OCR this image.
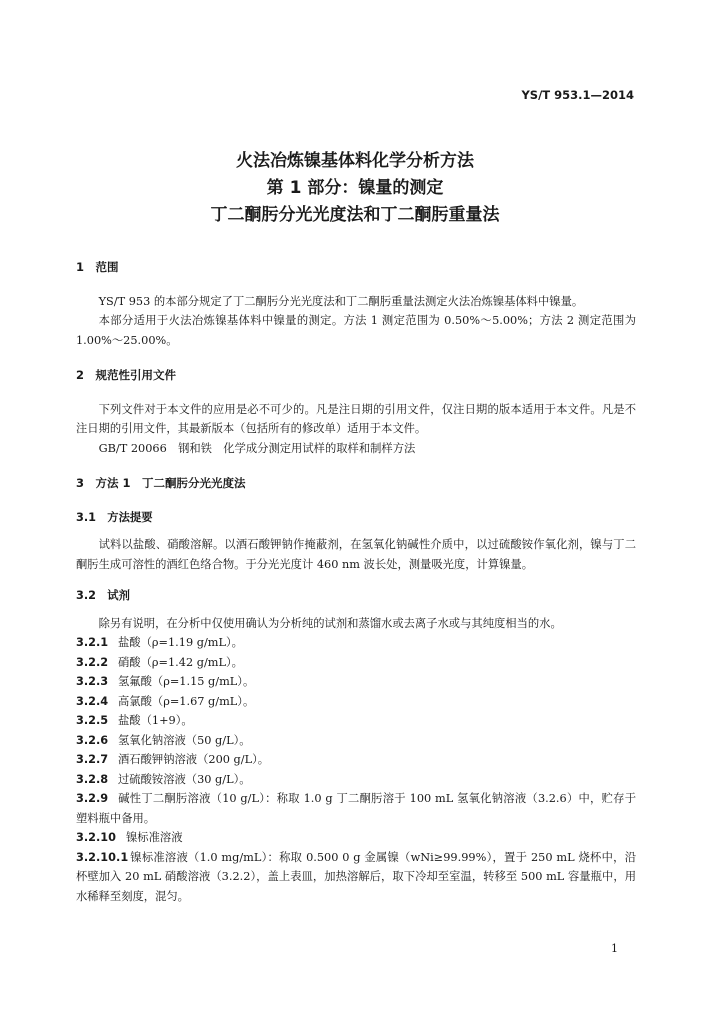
YS/T 953.1—2014
火法冶炼镍基体料化学分析方法
第 1 部分：镍量的测定
丁二酮肟分光光度法和丁二酮肟重量法
1　范围

YS/T 953 的本部分规定了丁二酮肟分光光度法和丁二酮肟重量法测定火法冶炼镍基体料中镍量。

本部分适用于火法冶炼镍基体料中镍量的测定。方法 1 测定范围为 0.50%～5.00%；方法 2 测定范围为 1.00%～25.00%。

2　规范性引用文件

下列文件对于本文件的应用是必不可少的。凡是注日期的引用文件，仅注日期的版本适用于本文件。凡是不注日期的引用文件，其最新版本（包括所有的修改单）适用于本文件。

GB/T 20066　钢和铁　化学成分测定用试样的取样和制样方法

3　方法 1　丁二酮肟分光光度法
3.1　方法提要

试料以盐酸、硝酸溶解。以酒石酸钾钠作掩蔽剂，在氢氧化钠碱性介质中，以过硫酸铵作氧化剂，镍与丁二酮肟生成可溶性的酒红色络合物。于分光光度计 460 nm 波长处，测量吸光度，计算镍量。

3.2　试剂

除另有说明，在分析中仅使用确认为分析纯的试剂和蒸馏水或去离子水或与其纯度相当的水。

3.2.1 盐酸（ρ=1.19 g/mL）。

3.2.2 硝酸（ρ=1.42 g/mL）。

3.2.3 氢氟酸（ρ=1.15 g/mL）。

3.2.4 高氯酸（ρ=1.67 g/mL）。

3.2.5 盐酸（1+9）。

3.2.6 氢氧化钠溶液（50 g/L）。

3.2.7 酒石酸钾钠溶液（200 g/L）。

3.2.8 过硫酸铵溶液（30 g/L）。

3.2.9 碱性丁二酮肟溶液（10 g/L）：称取 1.0 g 丁二酮肟溶于 100 mL 氢氧化钠溶液（3.2.6）中，贮存于塑料瓶中备用。

3.2.10 镍标准溶液

3.2.10.1 镍标准溶液（1.0 mg/mL）：称取 0.500 0 g 金属镍（wNi≥99.99%），置于 250 mL 烧杯中，沿杯壁加入 20 mL 硝酸溶液（3.2.2），盖上表皿，加热溶解后，取下冷却至室温，转移至 500 mL 容量瓶中，用水稀释至刻度，混匀。

1
